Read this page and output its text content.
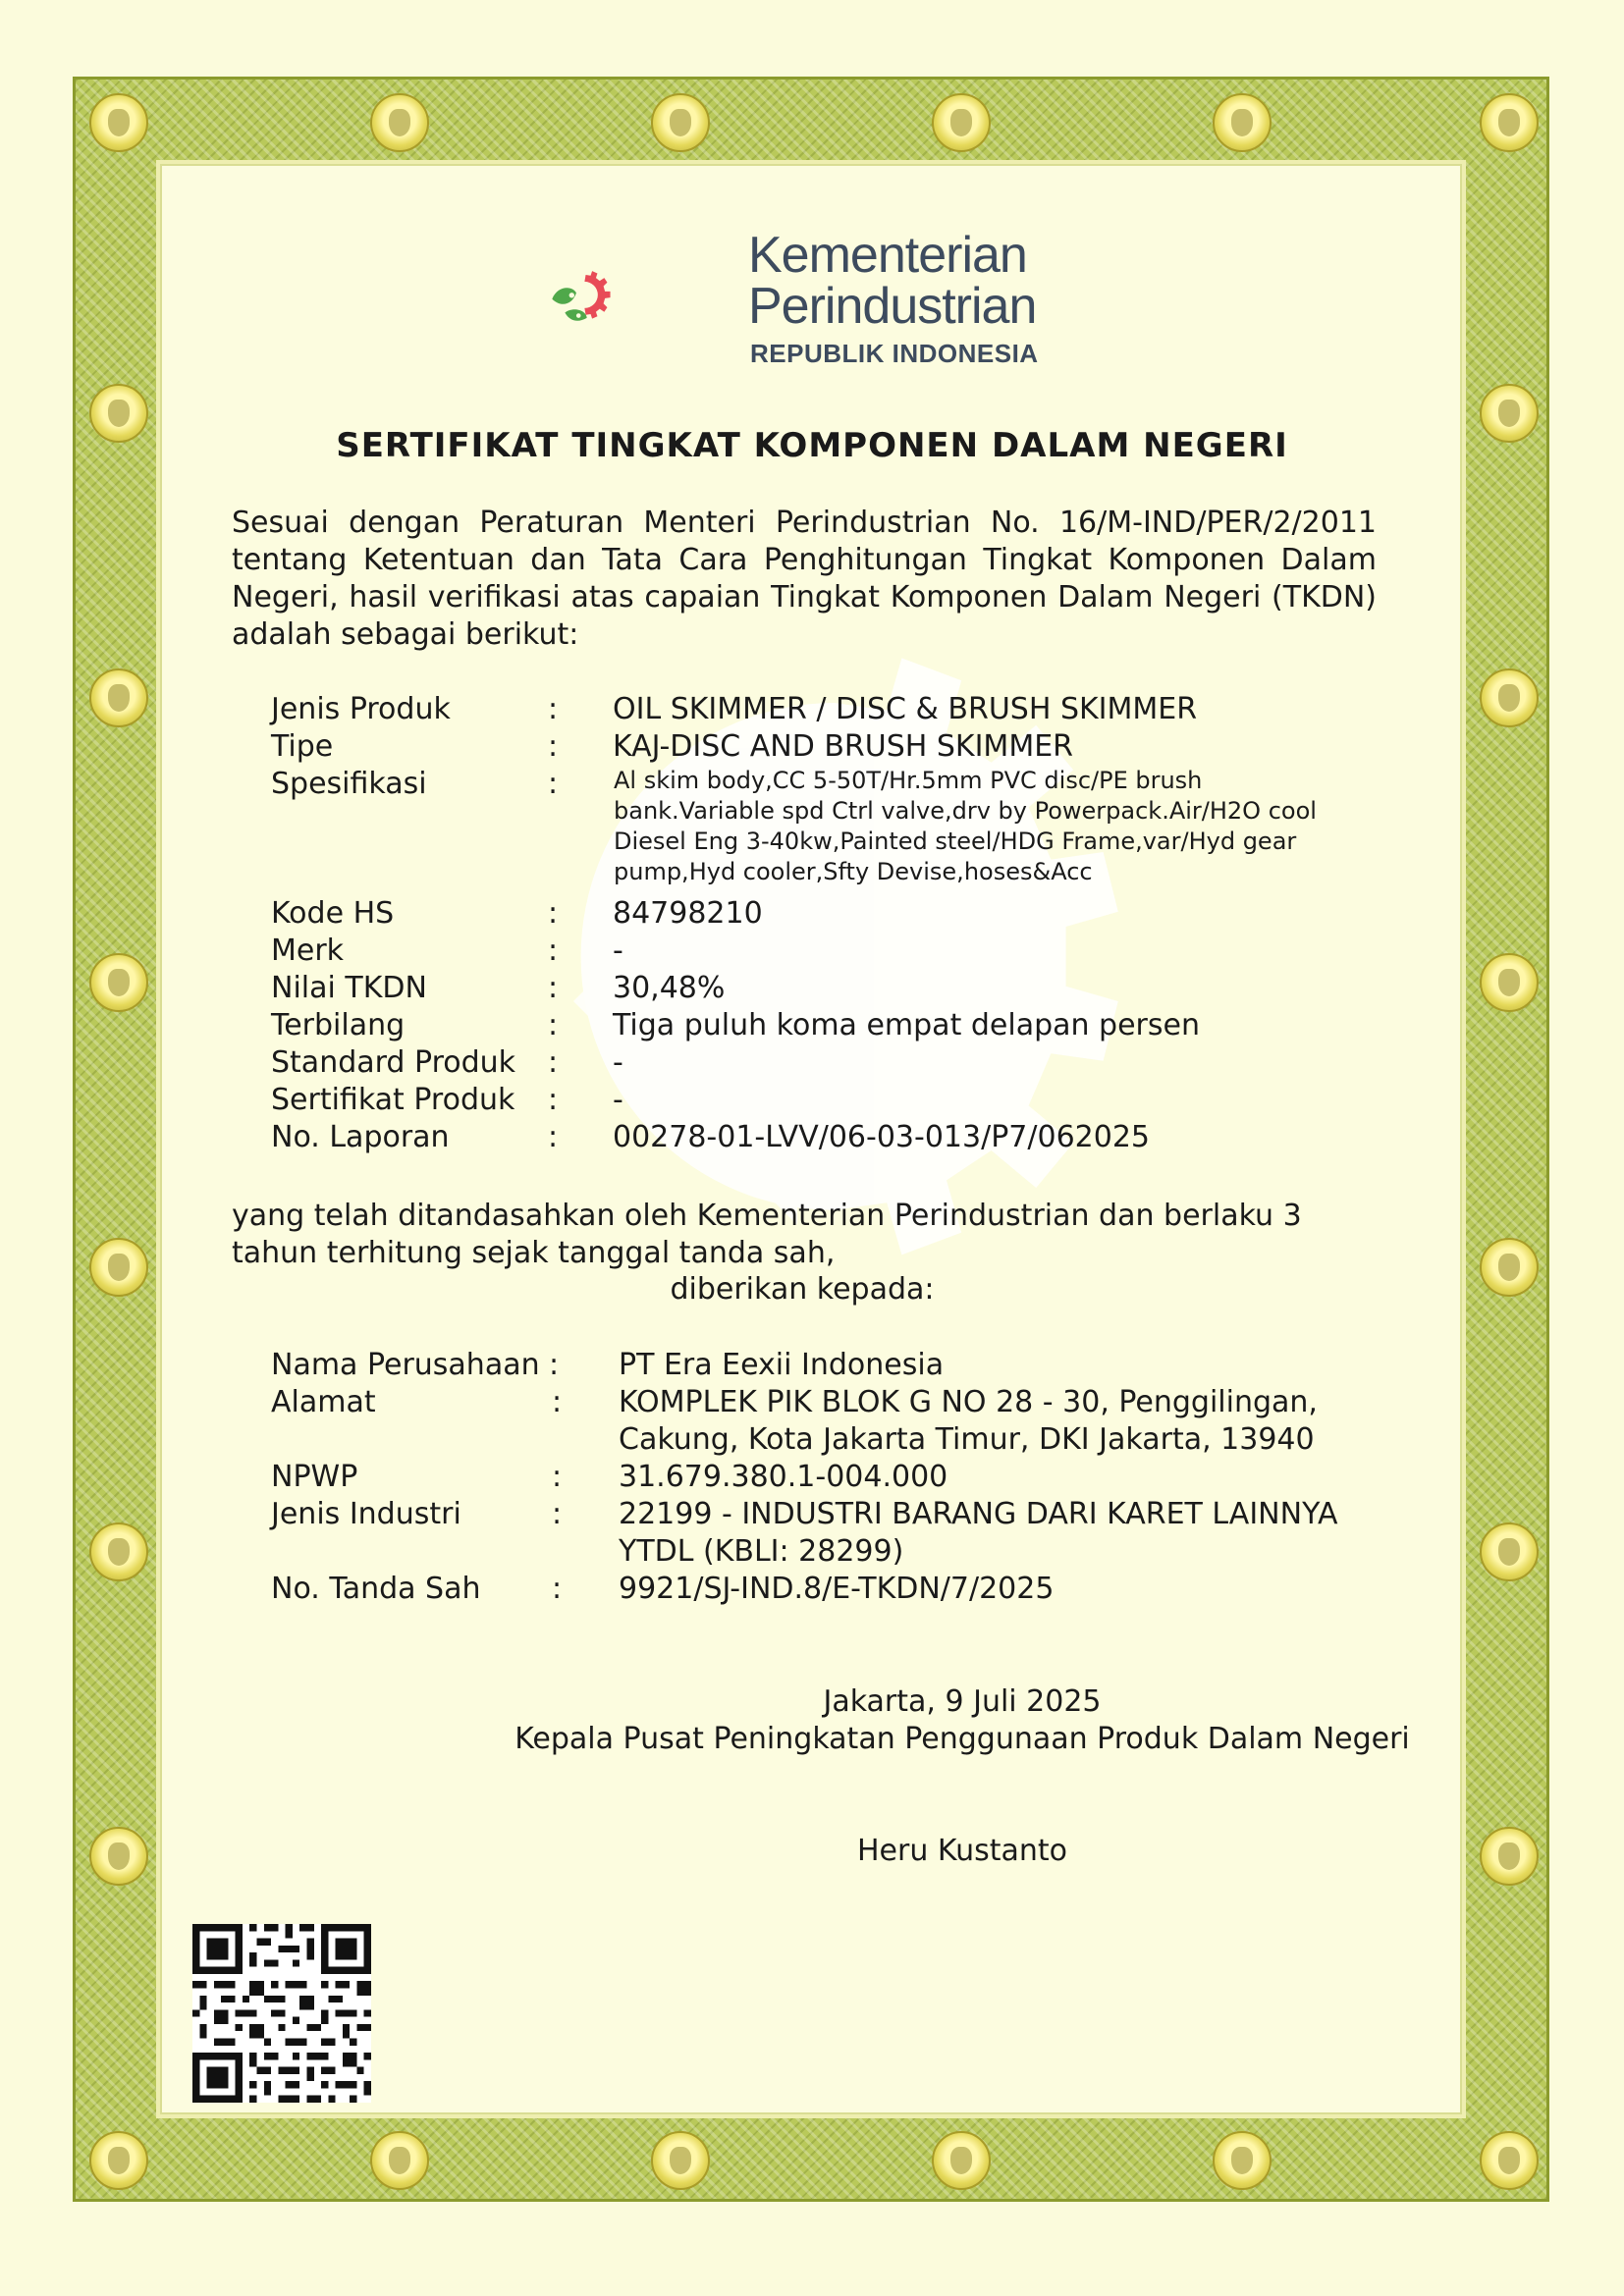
Kementerian
Perindustrian
REPUBLIK INDONESIA
SERTIFIKAT TINGKAT KOMPONEN DALAM NEGERI

Sesuai dengan Peraturan Menteri Perindustrian No. 16/M-IND/PER/2/2011 tentang Ketentuan dan Tata Cara Penghitungan Tingkat Komponen Dalam Negeri, hasil verifikasi atas capaian Tingkat Komponen Dalam Negeri (TKDN) adalah sebagai berikut:

Jenis Produk	: OIL SKIMMER / DISC & BRUSH SKIMMER
Tipe	: KAJ-DISC AND BRUSH SKIMMER
Spesifikasi	: Al skim body,CC 5-50T/Hr.5mm PVC disc/PE brush bank.Variable spd Ctrl valve,drv by Powerpack.Air/H2O cool Diesel Eng 3-40kw,Painted steel/HDG Frame,var/Hyd gear pump,Hyd cooler,Sfty Devise,hoses&Acc

Kode HS	: 84798210
Merk	: -
Nilai TKDN	: 30,48%
Terbilang	: Tiga puluh koma empat delapan persen
Standard Produk : -
Sertifikat Produk : -
No. Laporan	: 00278-01-LVV/06-03-013/P7/062025

yang telah ditandasahkan oleh Kementerian Perindustrian dan berlaku 3 tahun terhitung sejak tanggal tanda sah,

diberikan kepada:
Nama Perusahaan : PT Era Eexii Indonesia
Alamat	: KOMPLEK PIK BLOK G NO 28 - 30, Penggilingan,
Cakung, Kota Jakarta Timur, DKI Jakarta, 13940
NPWP	: 31.679.380.1-004.000
Jenis Industri	: 22199 - INDUSTRI BARANG DARI KARET LAINNYA
YTDL (KBLI: 28299)
No. Tanda Sah : 9921/SJ-IND.8/E-TKDN/7/2025
Jakarta, 9 Juli 2025
Kepala Pusat Peningkatan Penggunaan Produk Dalam Negeri
Heru Kustanto
